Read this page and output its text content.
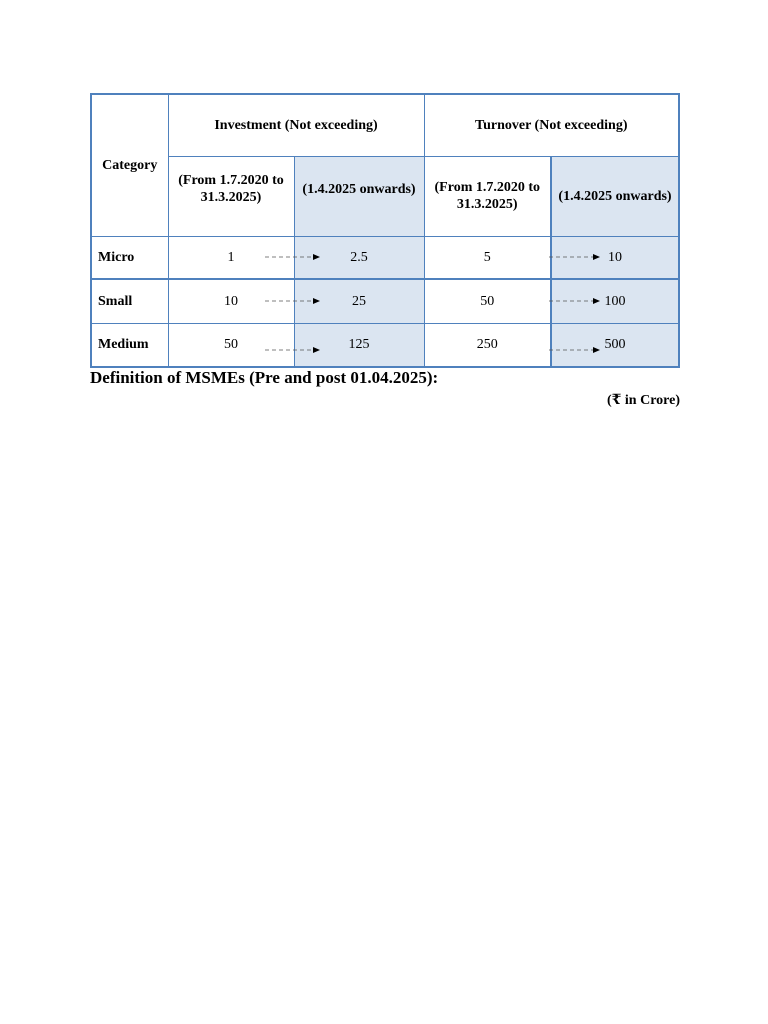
Category	Investment (Not exceeding)		Turnover (Not exceeding)	
	(From 1.7.2020 to 31.3.2025)	(1.4.2025 onwards)	(From 1.7.2020 to 31.3.2025)	(1.4.2025 onwards)
Micro	1	2.5	5	10
Small	10	25	50	100
Medium	50	125	250	500
Definition of MSMEs (Pre and post 01.04.2025):
(₹ in Crore)
